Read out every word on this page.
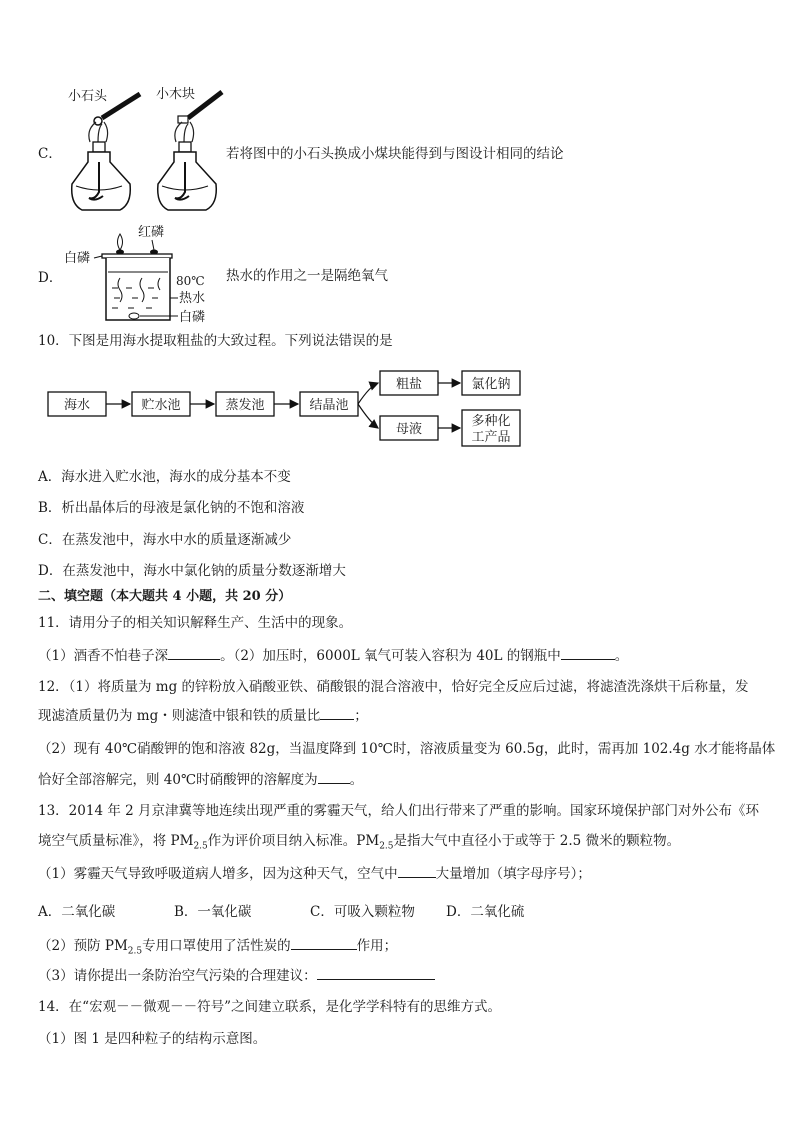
C．
小石头	小木块
若将图中的小石头换成小煤块能得到与图设计相同的结论
D．
红磷
白磷
80℃
热水
白磷
热水的作用之一是隔绝氧气
10．下图是用海水提取粗盐的大致过程。下列说法错误的是
海水	贮水池	蒸发池	结晶池
粗盐	氯化钠
母液
多种化
工产品
A．海水进入贮水池，海水的成分基本不变
B．析出晶体后的母液是氯化钠的不饱和溶液
C．在蒸发池中，海水中水的质量逐渐减少
D．在蒸发池中，海水中氯化钠的质量分数逐渐增大
二、填空题（本大题共 4 小题，共 20 分）
11．请用分子的相关知识解释生产、生活中的现象。
（1）酒香不怕巷子深	。（2）加压时，6000L 氧气可装入容积为 40L 的钢瓶中	。
12．（1）将质量为 mg 的锌粉放入硝酸亚铁、硝酸银的混合溶液中，恰好完全反应后过滤，将滤渣洗涤烘干后称量，发
现滤渣质量仍为 mg・则滤渣中银和铁的质量比	；
（2）现有 40℃硝酸钾的饱和溶液 82g，当温度降到 10℃时，溶液质量变为 60.5g，此时，需再加 102.4g 水才能将晶体
恰好全部溶解完，则 40℃时硝酸钾的溶解度为 。
13．2014 年 2 月京津冀等地连续出现严重的雾霾天气，给人们出行带来了严重的影响。国家环境保护部门对外公布《环
境空气质量标准》，将 $PM_{2.5}$作为评价项目纳入标准。$PM_{2.5}$是指大气中直径小于或等于 2.5 微米的颗粒物。
（1）雾霾天气导致呼吸道病人增多，因为这种天气，空气中	大量增加（填字母序号）；
A．二氧化碳	B．一氧化碳	C．可吸入颗粒物 D．二氧化硫
（2）预防 $PM_{2.5}$专用口罩使用了活性炭的	作用；
（3）请你提出一条防治空气污染的合理建议：
14．在“宏观－－微观－－符号”之间建立联系，是化学学科特有的思维方式。
（1）图 1 是四种粒子的结构示意图。
